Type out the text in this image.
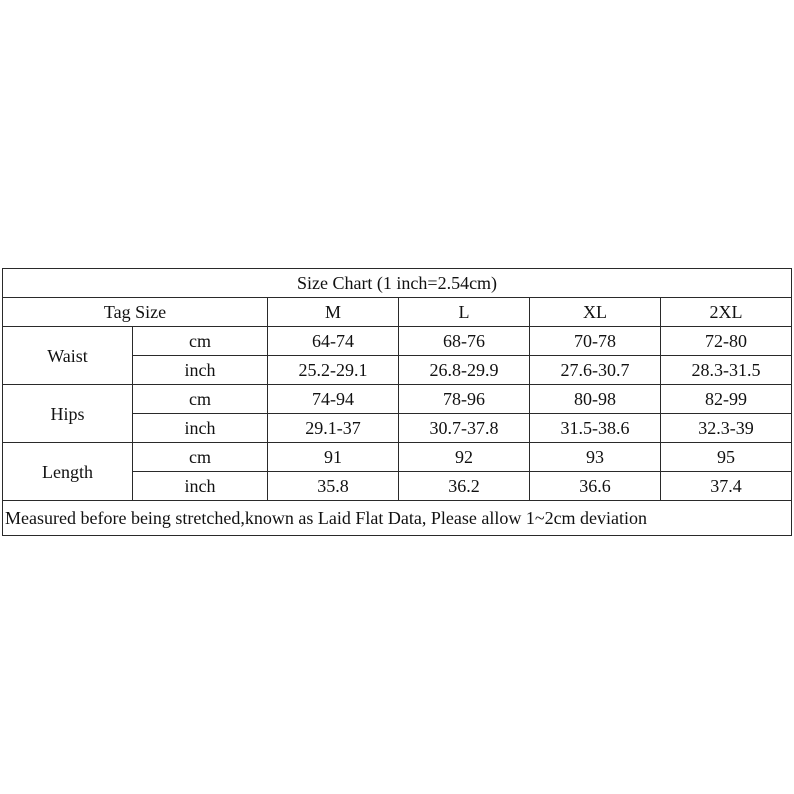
Size Chart (1 inch=2.54cm)					
Tag Size		M	L	XL	2XL
Waist	cm	64-74	68-76	70-78	72-80
	inch	25.2-29.1	26.8-29.9	27.6-30.7	28.3-31.5
Hips	cm	74-94	78-96	80-98	82-99
	inch	29.1-37	30.7-37.8	31.5-38.6	32.3-39
Length	cm	91	92	93	95
	inch	35.8	36.2	36.6	37.4
Measured before being stretched,known as Laid Flat Data, Please allow 1~2cm deviation					
